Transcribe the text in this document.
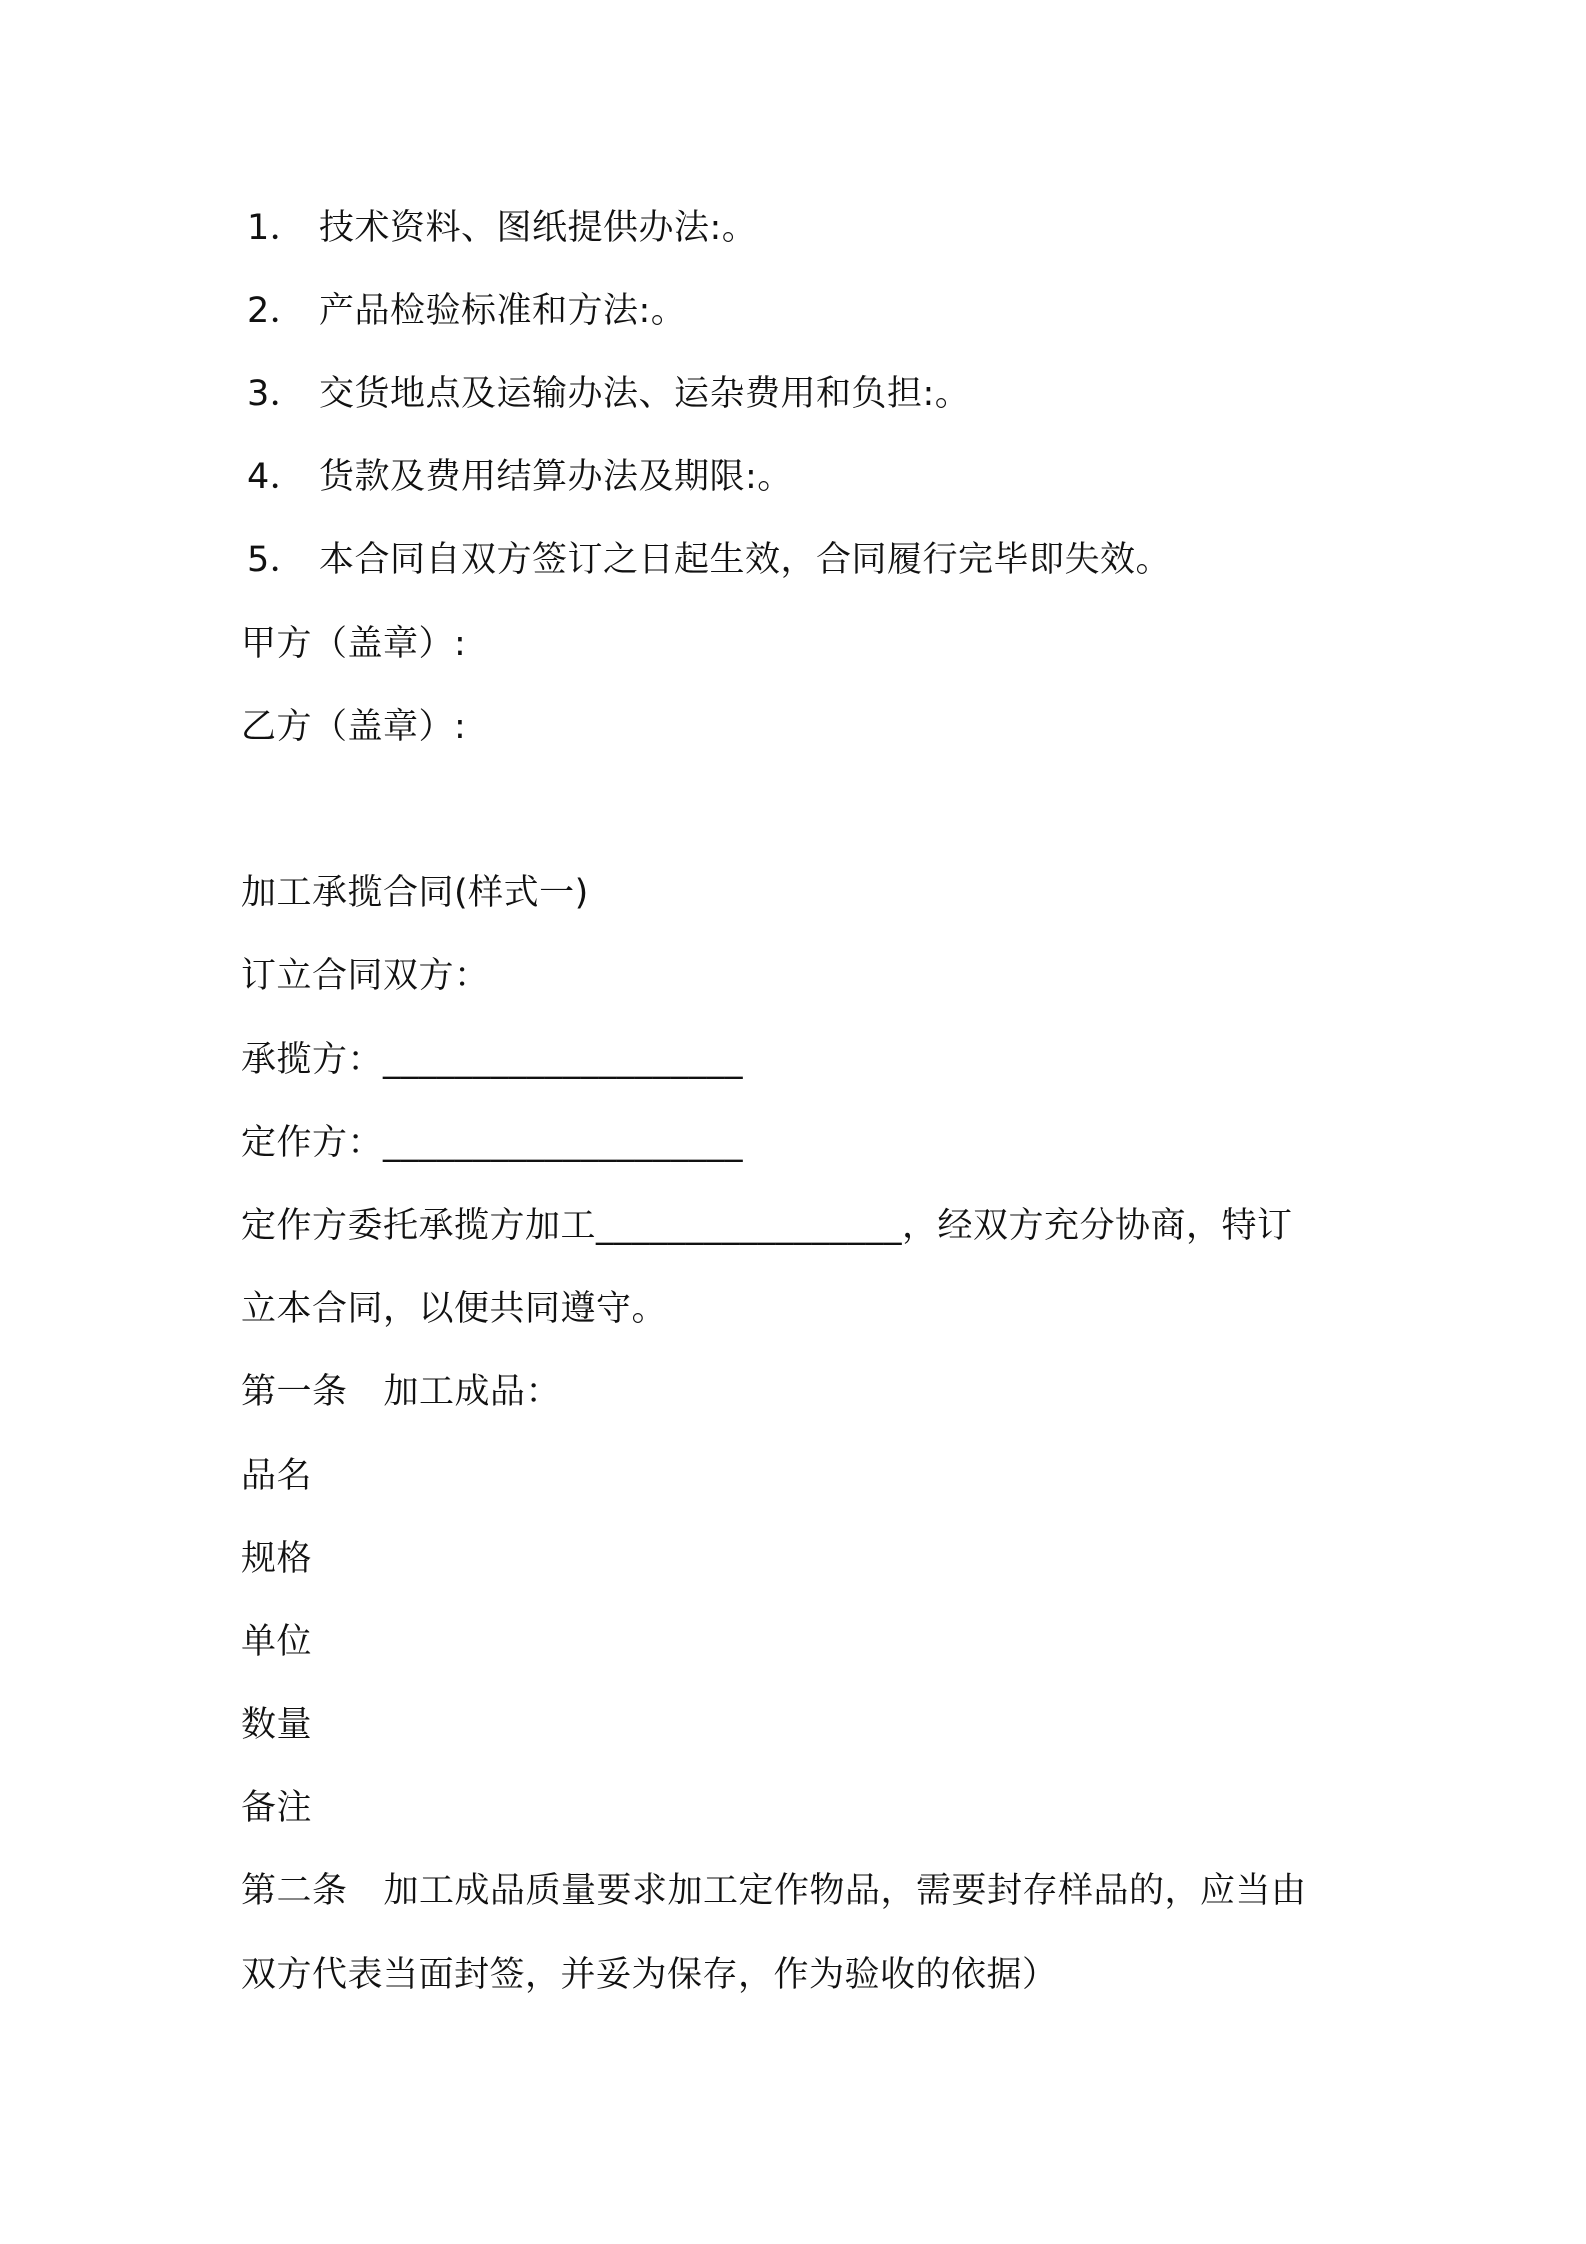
1． 技术资料、图纸提供办法:。
2． 产品检验标准和方法:。
3． 交货地点及运输办法、运杂费用和负担:。
4． 货款及费用结算办法及期限:。
5． 本合同自双方签订之日起生效，合同履行完毕即失效。
甲方（盖章）:
乙方（盖章）:
加工承揽合同(样式一)
订立合同双方：
承揽方：____________________
定作方：____________________
定作方委托承揽方加工_________________，经双方充分协商，特订
立本合同，以便共同遵守。
第一条 加工成品：
品名
规格
单位
数量
备注
第二条 加工成品质量要求加工定作物品，需要封存样品的，应当由
双方代表当面封签，并妥为保存，作为验收的依据）
